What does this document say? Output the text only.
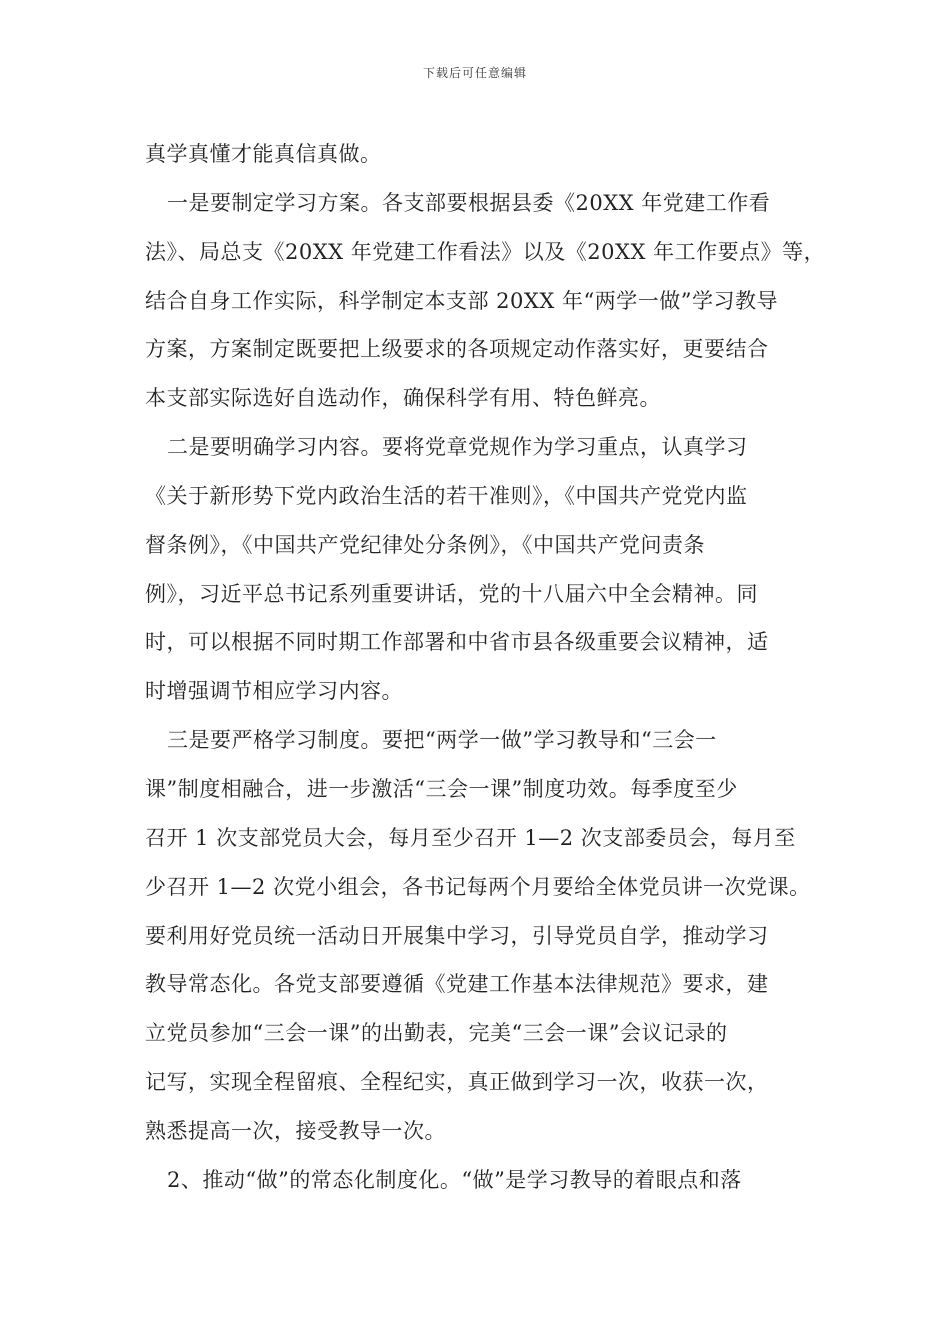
下载后可任意编辑
真学真懂才能真信真做。
一是要制定学习方案。各支部要根据县委《20XX 年党建工作看
法》、局总支《20XX 年党建工作看法》以及《20XX 年工作要点》等，
结合自身工作实际，科学制定本支部 20XX 年“两学一做”学习教导
方案，方案制定既要把上级要求的各项规定动作落实好，更要结合
本支部实际选好自选动作，确保科学有用、特色鲜亮。
二是要明确学习内容。要将党章党规作为学习重点，认真学习
《关于新形势下党内政治生活的若干准则》，《中国共产党党内监
督条例》，《中国共产党纪律处分条例》，《中国共产党问责条
例》，习近平总书记系列重要讲话，党的十八届六中全会精神。同
时，可以根据不同时期工作部署和中省市县各级重要会议精神，适
时增强调节相应学习内容。
三是要严格学习制度。要把“两学一做”学习教导和“三会一
课”制度相融合，进一步激活“三会一课”制度功效。每季度至少
召开 1 次支部党员大会，每月至少召开 1—2 次支部委员会，每月至
少召开 1—2 次党小组会，各书记每两个月要给全体党员讲一次党课。
要利用好党员统一活动日开展集中学习，引导党员自学，推动学习
教导常态化。各党支部要遵循《党建工作基本法律规范》要求，建
立党员参加“三会一课”的出勤表，完美“三会一课”会议记录的
记写，实现全程留痕、全程纪实，真正做到学习一次，收获一次，
熟悉提高一次，接受教导一次。
2、推动“做”的常态化制度化。“做”是学习教导的着眼点和落
